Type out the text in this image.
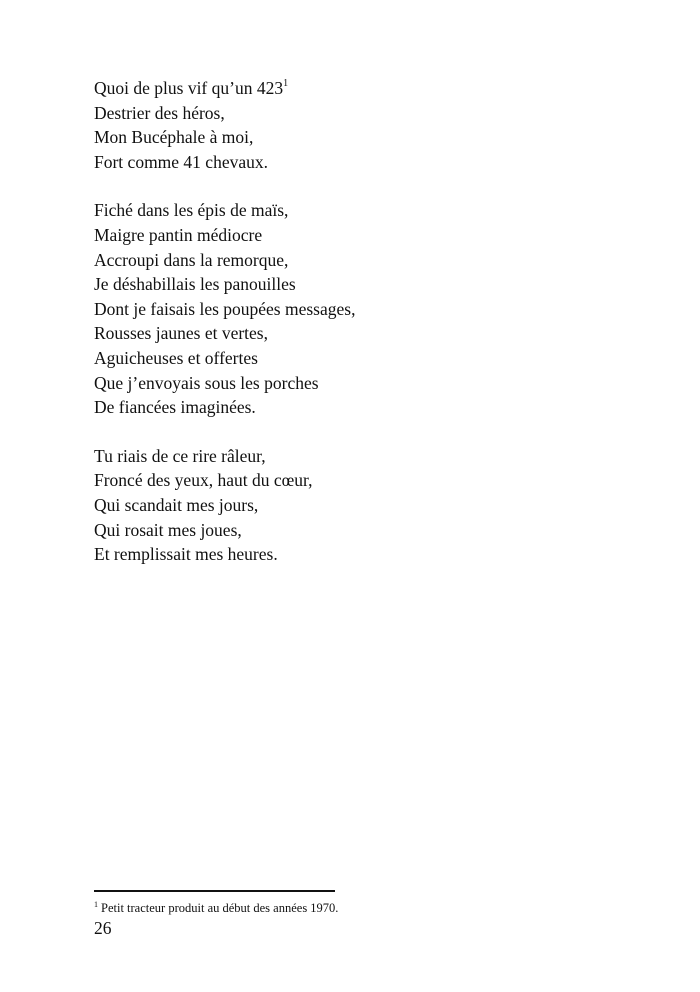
Quoi de plus vif qu’un $423^1$
Destrier des héros,
Mon Bucéphale à moi,
Fort comme 41 chevaux.
Fiché dans les épis de maïs,
Maigre pantin médiocre
Accroupi dans la remorque,
Je déshabillais les panouilles
Dont je faisais les poupées messages,
Rousses jaunes et vertes,
Aguicheuses et offertes
Que j’envoyais sous les porches
De fiancées imaginées.
Tu riais de ce rire râleur,
Froncé des yeux, haut du cœur,
Qui scandait mes jours,
Qui rosait mes joues,
Et remplissait mes heures.
$^1$ Petit tracteur produit au début des années 1970.
26
